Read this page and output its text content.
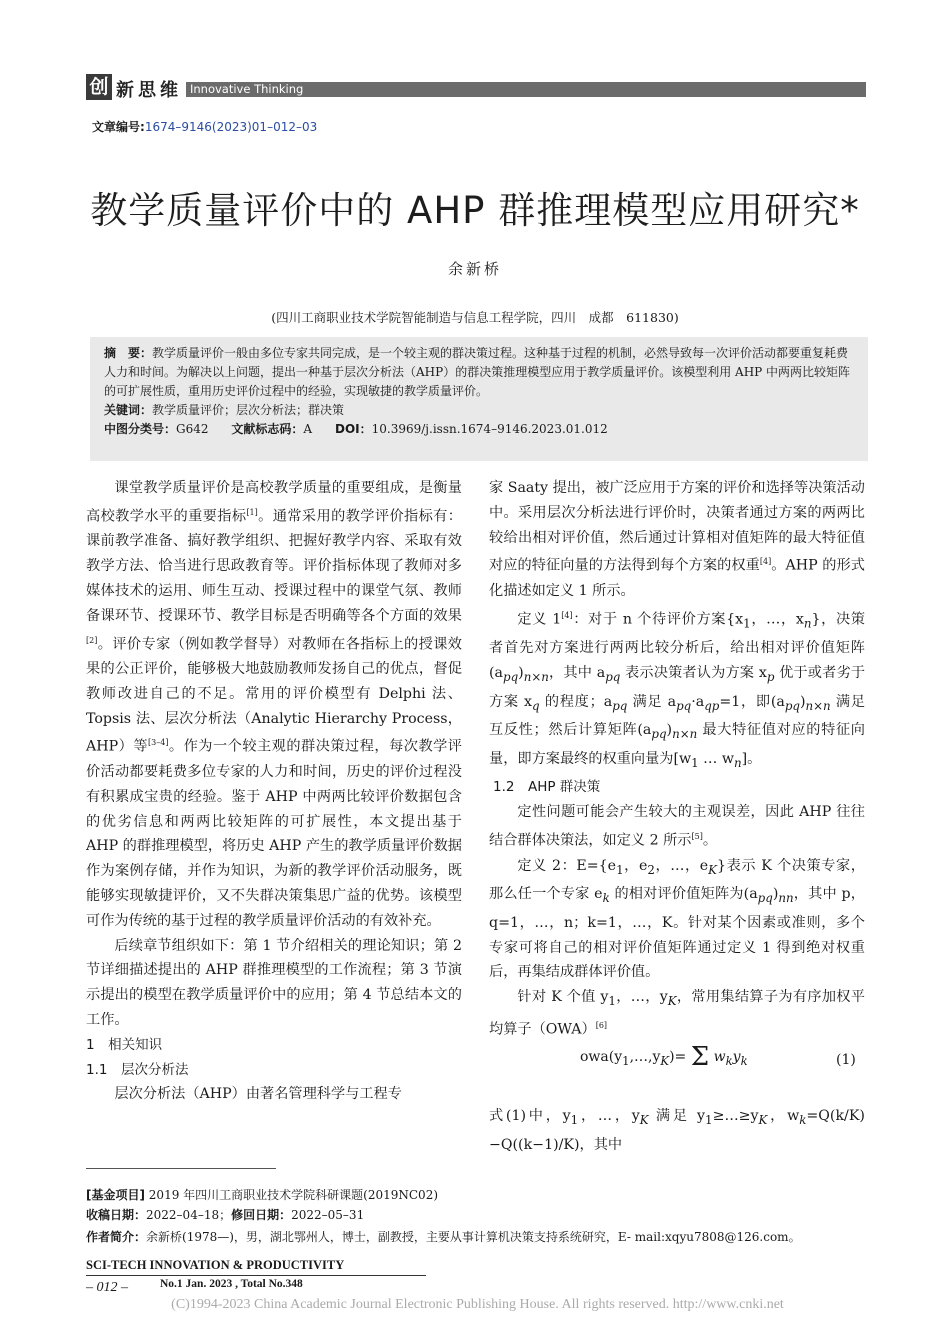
创 新思维 Innovative Thinking
文章编号:1674–9146(2023)01–012–03
教学质量评价中的 AHP 群推理模型应用研究*
余新桥
(四川工商职业技术学院智能制造与信息工程学院，四川　成都　611830)
摘　要：教学质量评价一般由多位专家共同完成，是一个较主观的群决策过程。这种基于过程的机制，必然导致每一次评价活动都要重复耗费人力和时间。为解决以上问题，提出一种基于层次分析法（AHP）的群决策推理模型应用于教学质量评价。该模型利用 AHP 中两两比较矩阵的可扩展性质，重用历史评价过程中的经验，实现敏捷的教学质量评价。
关键词：教学质量评价；层次分析法；群决策
中图分类号：G642 文献标志码：A DOI：10.3969/j.issn.1674–9146.2023.01.012

课堂教学质量评价是高校教学质量的重要组成，是衡量高校教学水平的重要指标[1]。通常采用的教学评价指标有：课前教学准备、搞好教学组织、把握好教学内容、采取有效教学方法、恰当进行思政教育等。评价指标体现了教师对多媒体技术的运用、师生互动、授课过程中的课堂气氛、教师备课环节、授课环节、教学目标是否明确等各个方面的效果[2]。评价专家（例如教学督导）对教师在各指标上的授课效果的公正评价，能够极大地鼓励教师发扬自己的优点，督促教师改进自己的不足。常用的评价模型有 Delphi 法、Topsis 法、层次分析法（Analytic Hierarchy Process，AHP）等[3–4]。作为一个较主观的群决策过程，每次教学评价活动都要耗费多位专家的人力和时间，历史的评价过程没有积累成宝贵的经验。鉴于 AHP 中两两比较评价数据包含的优劣信息和两两比较矩阵的可扩展性，本文提出基于 AHP 的群推理模型，将历史 AHP 产生的教学质量评价数据作为案例存储，并作为知识，为新的教学评价活动服务，既能够实现敏捷评价，又不失群决策集思广益的优势。该模型可作为传统的基于过程的教学质量评价活动的有效补充。

后续章节组织如下：第 1 节介绍相关的理论知识；第 2 节详细描述提出的 AHP 群推理模型的工作流程；第 3 节演示提出的模型在教学质量评价中的应用；第 4 节总结本文的工作。

1　相关知识

1.1　层次分析法

层次分析法（AHP）由著名管理科学与工程专

家 Saaty 提出，被广泛应用于方案的评价和选择等决策活动中。采用层次分析法进行评价时，决策者通过方案的两两比较给出相对评价值，然后通过计算相对值矩阵的最大特征值对应的特征向量的方法得到每个方案的权重[4]。AHP 的形式化描述如定义 1 所示。

定义 1[4]：对于 n 个待评价方案{$x_1$，…，$x_n$}，决策者首先对方案进行两两比较分析后，给出相对评价值矩阵$(a_{pq})_{n\times n}$，其中 $a_{pq}$ 表示决策者认为方案 $x_p$ 优于或者劣于方案 $x_q$ 的程度；$a_{pq}$ 满足 $a_{pq}\cdot a_{qp}=1$，即$(a_{pq})_{n\times n}$ 满足互反性；然后计算矩阵$(a_{pq})_{n\times n}$ 最大特征值对应的特征向量，即方案最终的权重向量为[$w_1$ … $w_n$]。

1.2　AHP 群决策

定性问题可能会产生较大的主观误差，因此 AHP 往往结合群体决策法，如定义 2 所示[5]。

定义 2：$E=\{e_1$，$e_2$，…，$e_K$}表示 K 个决策专家，那么任一个专家 $e_k$ 的相对评价值矩阵为$(a_{pq})_{nn}$，其中 p，q=1，…，n；k=1，…，K。针对某个因素或准则，多个专家可将自己的相对评价值矩阵通过定义 1 得到绝对权重后，再集结成群体评价值。

针对 K 个值 $y_1$，…，$y_K$，常用集结算子为有序加权平均算子（OWA）[6]

式(1)中，$y_1$，…，$y_K$ 满足 $y_1\ge\dots\ge y_K$，$w_k=Q(k/K)-Q((k-1)/K)$，其中

$owa(y_1,\dots,y_K)= \Sigma$ $w_ky_k$	(1)
[基金项目] 2019 年四川工商职业技术学院科研课题(2019NC02)
收稿日期：2022–04–18；修回日期：2022–05–31
作者简介：余新桥(1978—)，男，湖北鄂州人，博士，副教授，主要从事计算机决策支持系统研究，E- mail:xqyu7808@126.com。
SCI-TECH INNOVATION & PRODUCTIVITY
– 012 –	No.1 Jan. 2023 , Total No.348
(C)1994-2023 China Academic Journal Electronic Publishing House. All rights reserved. http://www.cnki.net
